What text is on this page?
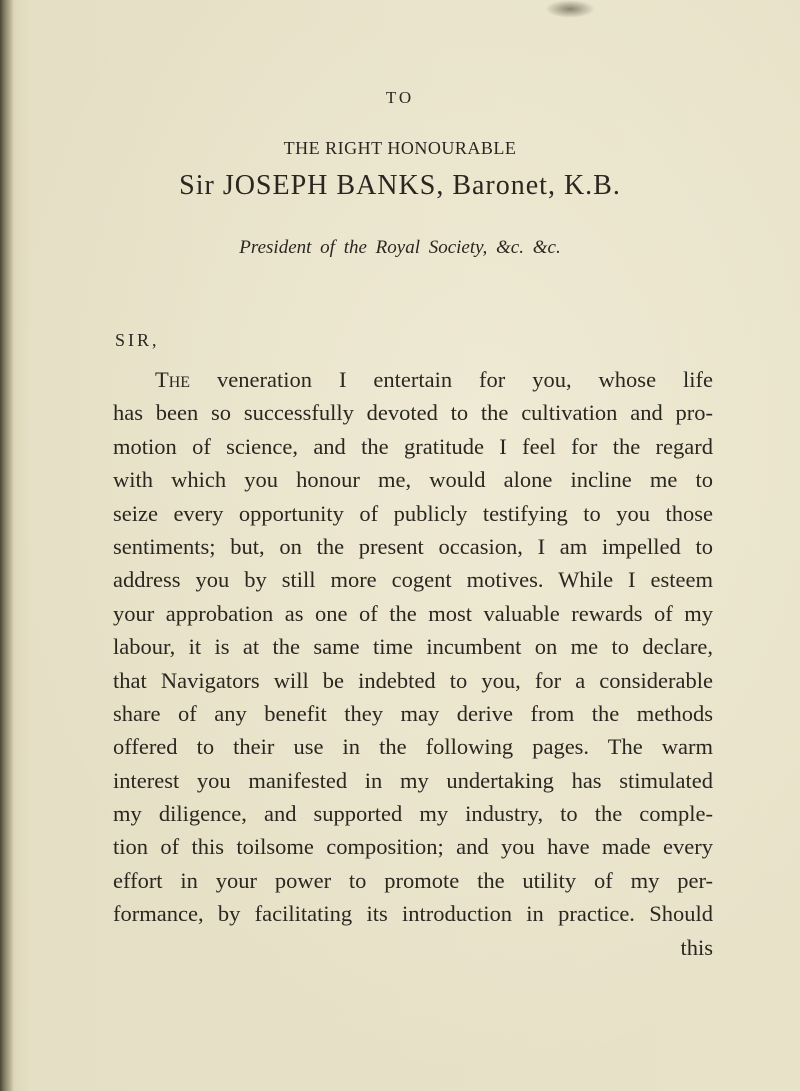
TO

THE RIGHT HONOURABLE

Sir JOSEPH BANKS, Baronet, K.B.

President of the Royal Society, &c. &c.

SIR,

The veneration I entertain for you, whose life
has been so successfully devoted to the cultivation and pro-
motion of science, and the gratitude I feel for the regard
with which you honour me, would alone incline me to
seize every opportunity of publicly testifying to you those
sentiments; but, on the present occasion, I am impelled to
address you by still more cogent motives. While I esteem
your approbation as one of the most valuable rewards of my
labour, it is at the same time incumbent on me to declare,
that Navigators will be indebted to you, for a considerable
share of any benefit they may derive from the methods
offered to their use in the following pages. The warm
interest you manifested in my undertaking has stimulated
my diligence, and supported my industry, to the comple-
tion of this toilsome composition; and you have made every
effort in your power to promote the utility of my per-
formance, by facilitating its introduction in practice. Should
this
